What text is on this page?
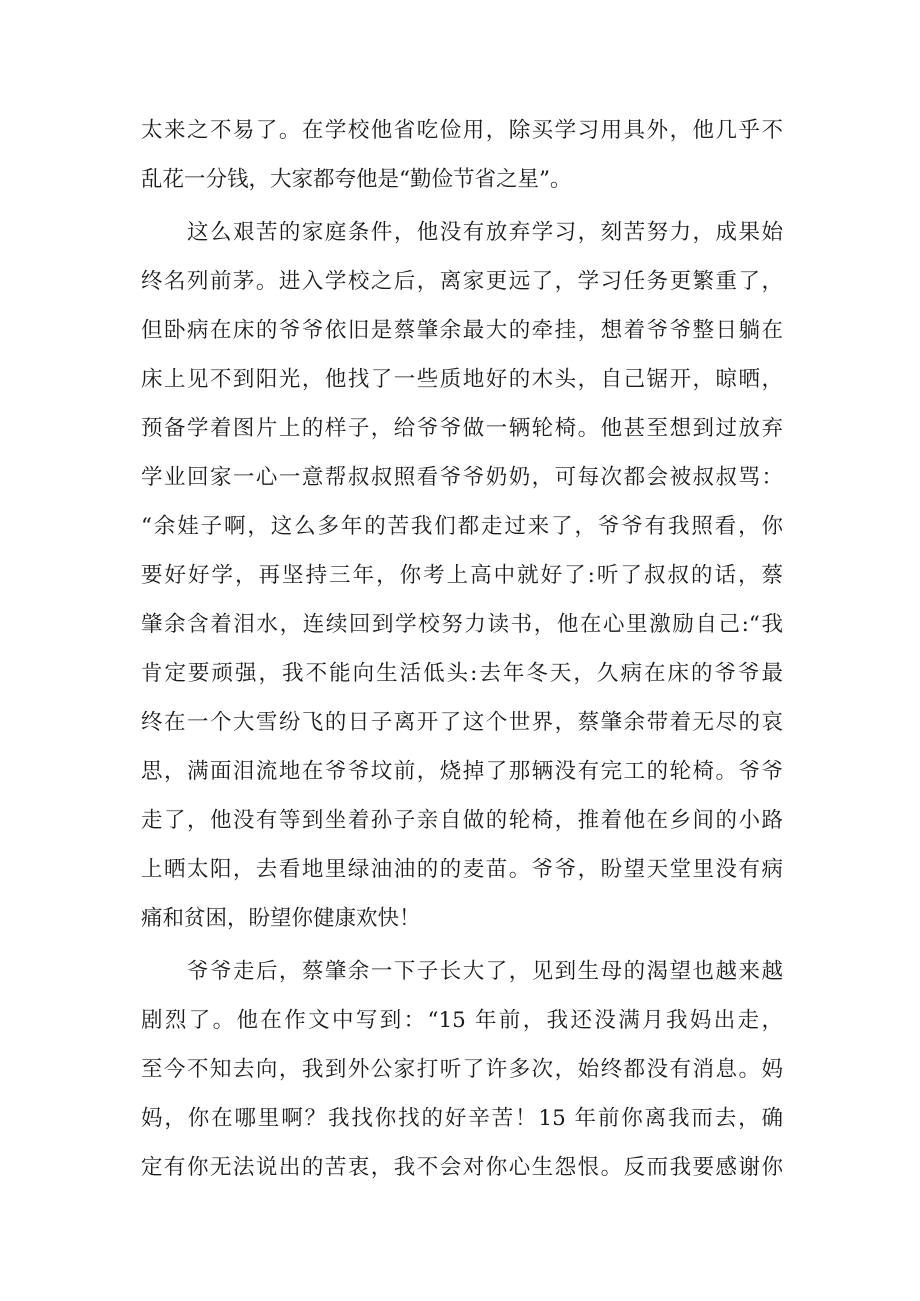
太来之不易了。在学校他省吃俭用，除买学习用具外，他几乎不
乱花一分钱，大家都夸他是“勤俭节省之星”。
这么艰苦的家庭条件，他没有放弃学习，刻苦努力，成果始
终名列前茅。进入学校之后，离家更远了，学习任务更繁重了，
但卧病在床的爷爷依旧是蔡肇余最大的牵挂，想着爷爷整日躺在
床上见不到阳光，他找了一些质地好的木头，自己锯开，晾晒，
预备学着图片上的样子，给爷爷做一辆轮椅。他甚至想到过放弃
学业回家一心一意帮叔叔照看爷爷奶奶，可每次都会被叔叔骂：
“余娃子啊，这么多年的苦我们都走过来了，爷爷有我照看，你
要好好学，再坚持三年，你考上高中就好了:听了叔叔的话，蔡
肇余含着泪水，连续回到学校努力读书，他在心里激励自己:“我
肯定要顽强，我不能向生活低头:去年冬天，久病在床的爷爷最
终在一个大雪纷飞的日子离开了这个世界，蔡肇余带着无尽的哀
思，满面泪流地在爷爷坟前，烧掉了那辆没有完工的轮椅。爷爷
走了，他没有等到坐着孙子亲自做的轮椅，推着他在乡间的小路
上晒太阳，去看地里绿油油的的麦苗。爷爷，盼望天堂里没有病
痛和贫困，盼望你健康欢快！
爷爷走后，蔡肇余一下子长大了，见到生母的渴望也越来越
剧烈了。他在作文中写到：“15 年前，我还没满月我妈出走，
至今不知去向，我到外公家打听了许多次，始终都没有消息。妈
妈，你在哪里啊？我找你找的好辛苦！15 年前你离我而去，确
定有你无法说出的苦衷，我不会对你心生怨恨。反而我要感谢你
